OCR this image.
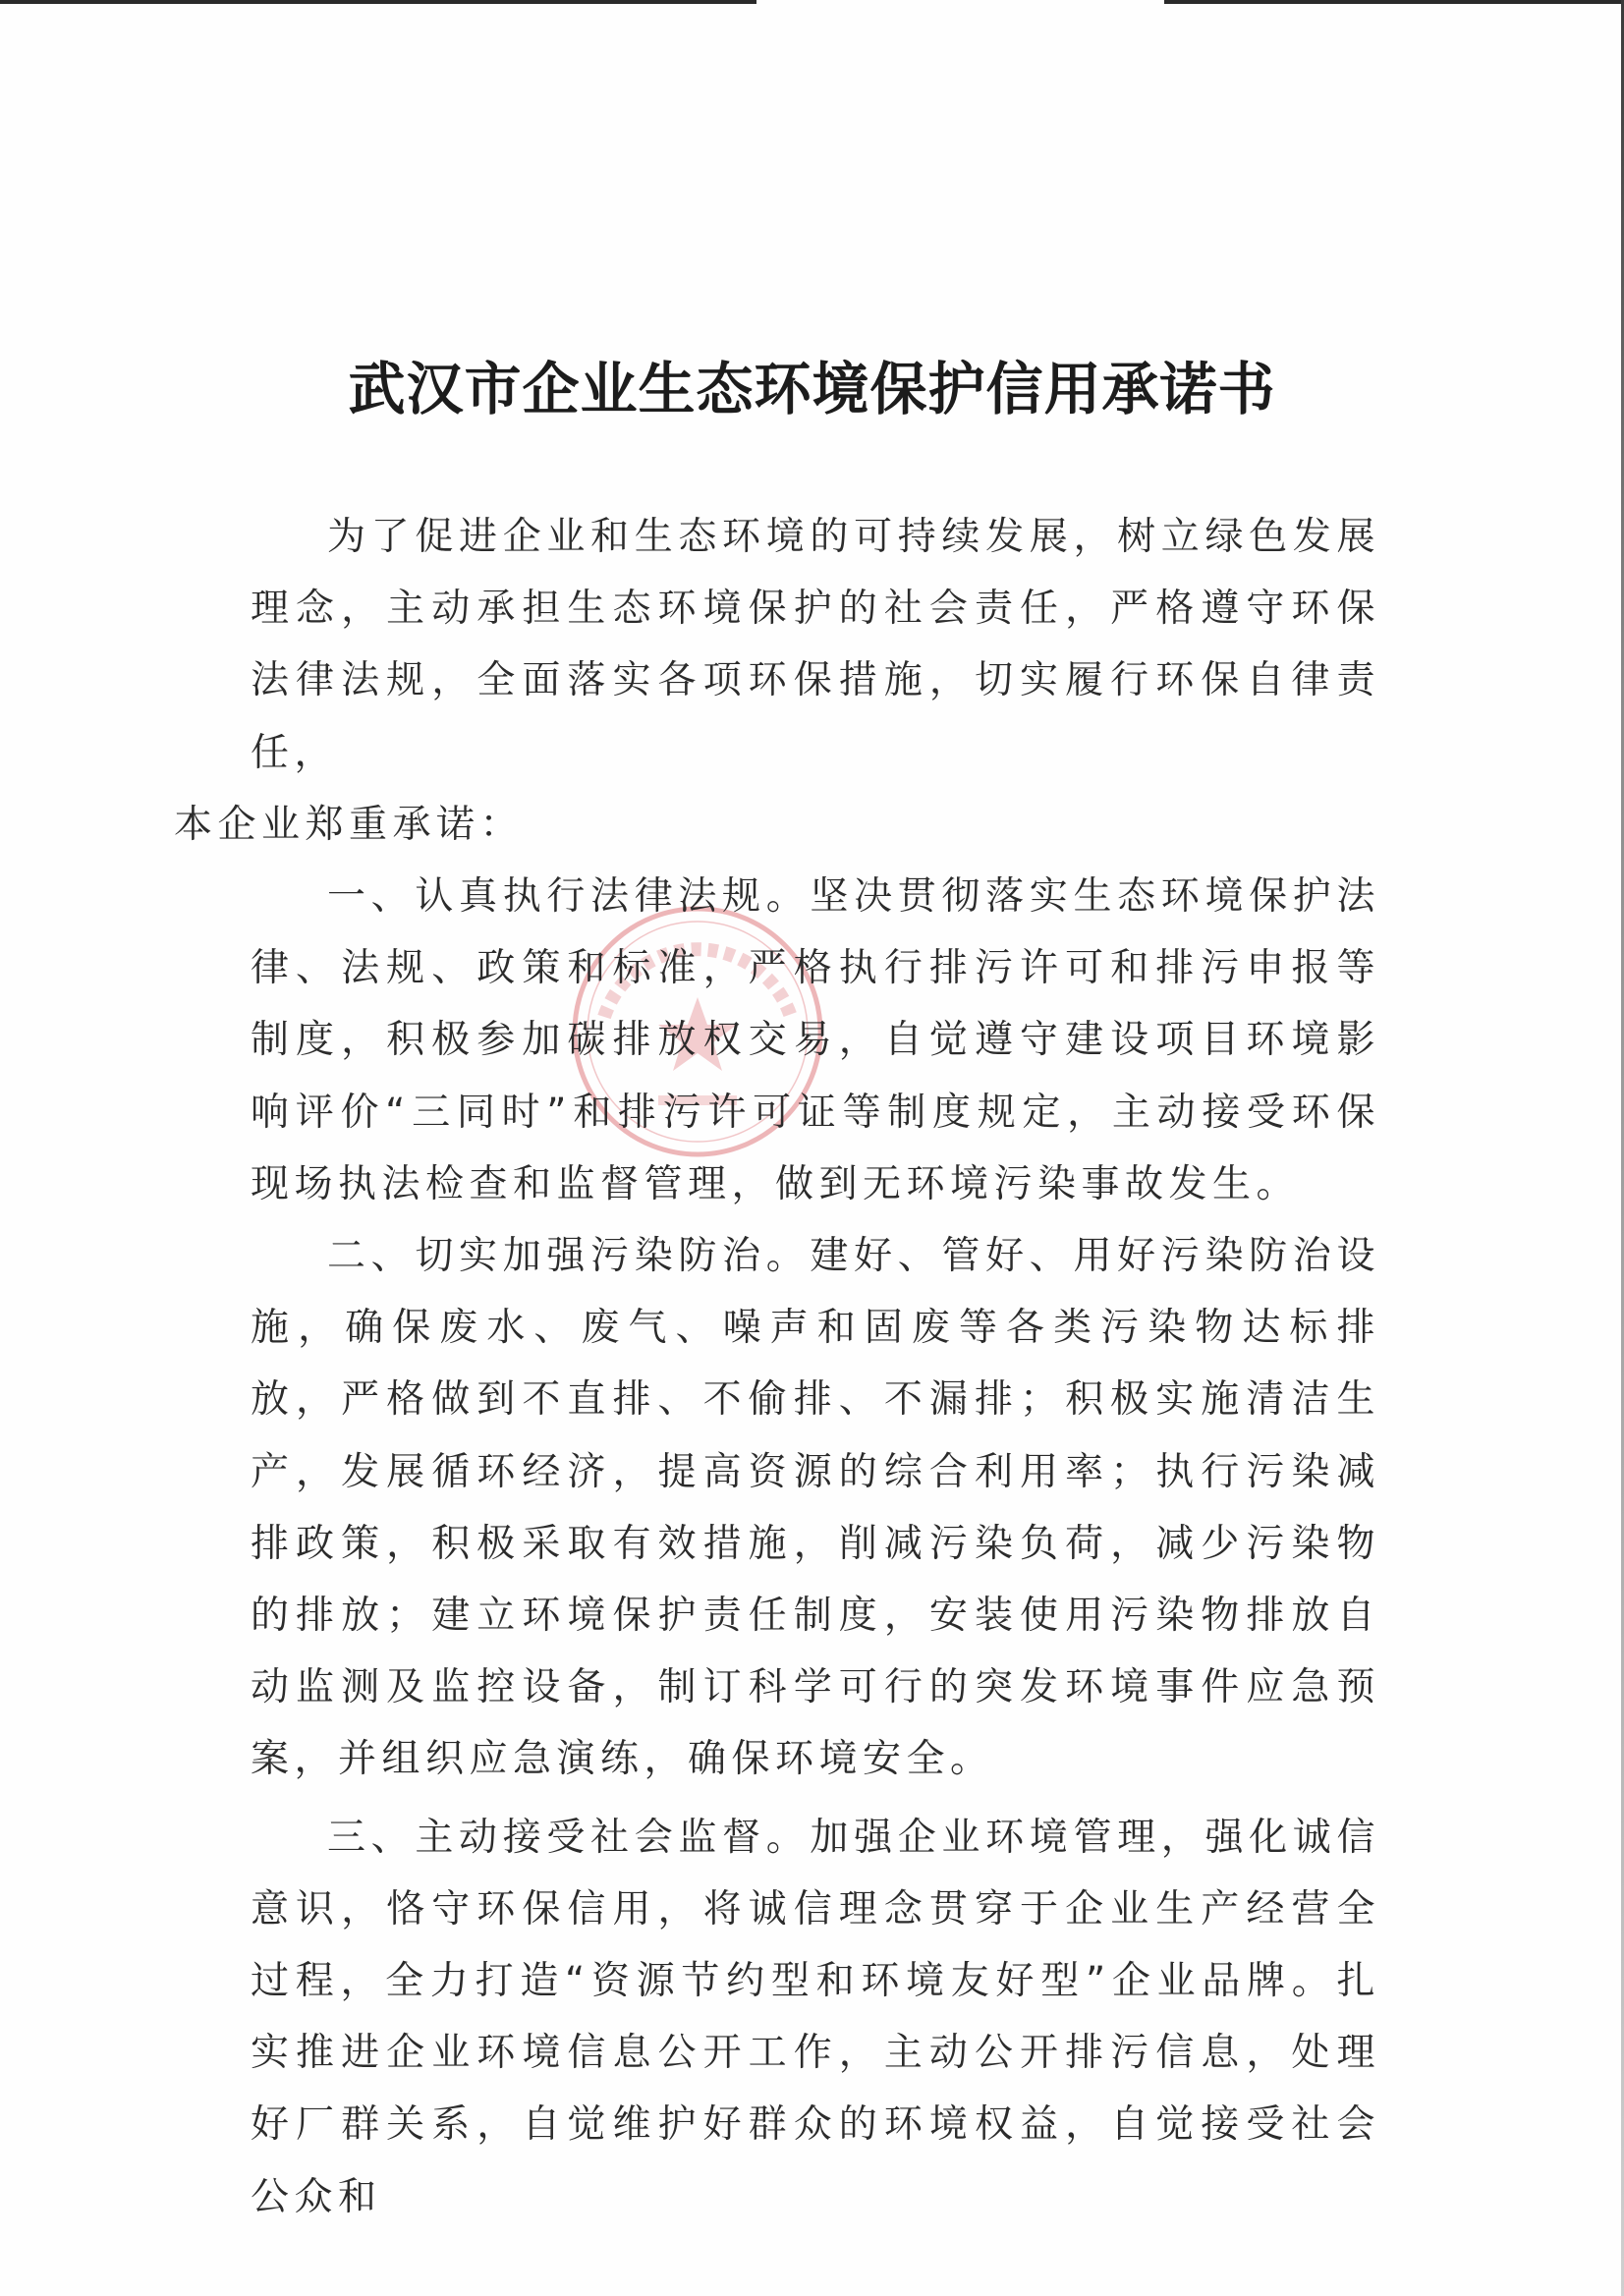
武汉市企业生态环境保护信用承诺书

为了促进企业和生态环境的可持续发展，树立绿色发展理念，主动承担生态环境保护的社会责任，严格遵守环保法律法规，全面落实各项环保措施，切实履行环保自律责任，
本企业郑重承诺：

一、认真执行法律法规。坚决贯彻落实生态环境保护法律、法规、政策和标准，严格执行排污许可和排污申报等制度，积极参加碳排放权交易，自觉遵守建设项目环境影响评价“三同时”和排污许可证等制度规定，主动接受环保现场执法检查和监督管理，做到无环境污染事故发生。

二、切实加强污染防治。建好、管好、用好污染防治设施，确保废水、废气、噪声和固废等各类污染物达标排放，严格做到不直排、不偷排、不漏排；积极实施清洁生产，发展循环经济，提高资源的综合利用率；执行污染减排政策，积极采取有效措施，削减污染负荷，减少污染物的排放；建立环境保护责任制度，安装使用污染物排放自动监测及监控设备，制订科学可行的突发环境事件应急预案，并组织应急演练，确保环境安全。

三、主动接受社会监督。加强企业环境管理，强化诚信意识，恪守环保信用，将诚信理念贯穿于企业生产经营全过程，全力打造“资源节约型和环境友好型”企业品牌。扎实推进企业环境信息公开工作，主动公开排污信息，处理好厂群关系，自觉维护好群众的环境权益，自觉接受社会公众和
